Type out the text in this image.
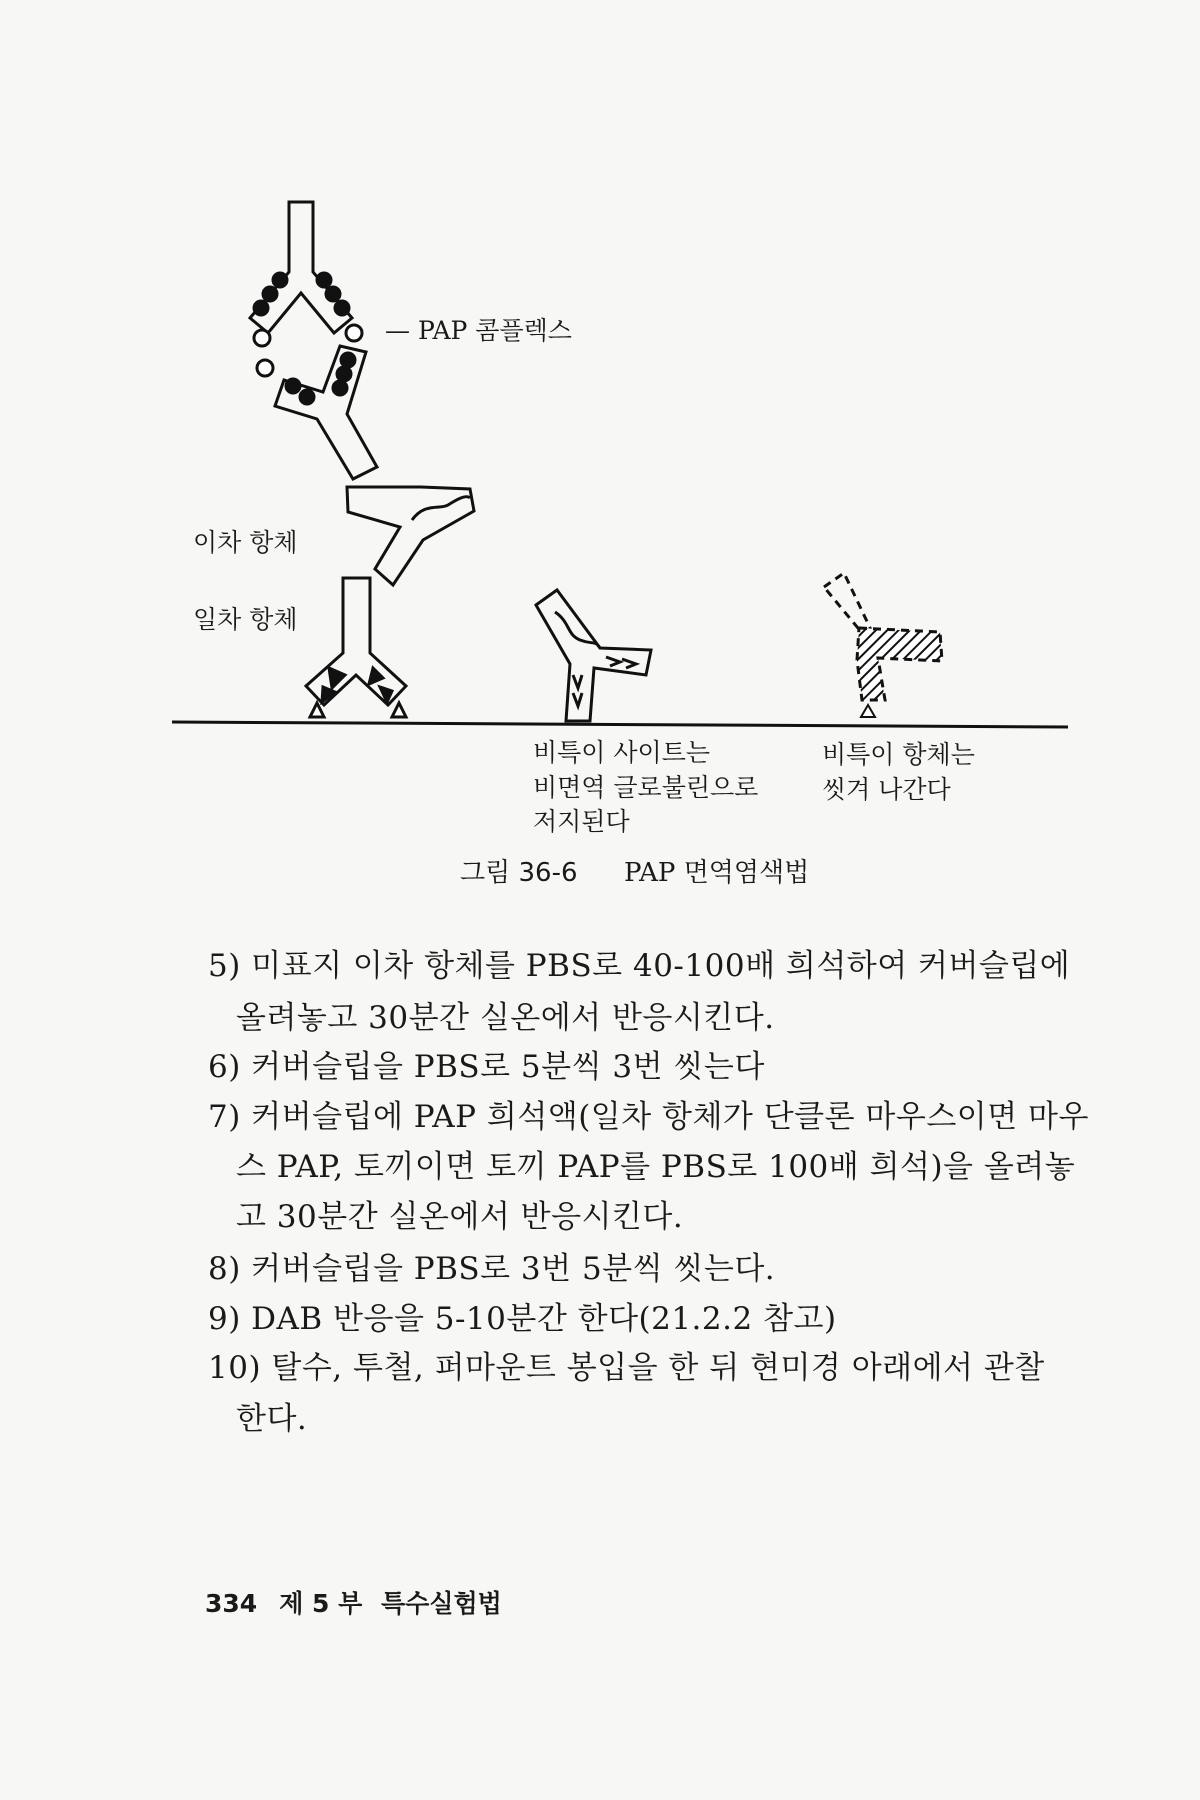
— PAP 콤플렉스
이차 항체
일차 항체
비특이 사이트는
비면역 글로불린으로
저지된다
비특이 항체는
씻겨 나간다
그림 36-6 PAP 면역염색법
5) 미표지 이차 항체를 PBS로 40-100배 희석하여 커버슬립에
올려놓고 30분간 실온에서 반응시킨다.
6) 커버슬립을 PBS로 5분씩 3번 씻는다
7) 커버슬립에 PAP 희석액(일차 항체가 단클론 마우스이면 마우
스 PAP, 토끼이면 토끼 PAP를 PBS로 100배 희석)을 올려놓
고 30분간 실온에서 반응시킨다.
8) 커버슬립을 PBS로 3번 5분씩 씻는다.
9) DAB 반응을 5-10분간 한다(21.2.2 참고)
10) 탈수, 투철, 퍼마운트 봉입을 한 뒤 현미경 아래에서 관찰
한다.
334 제 5 부 특수실험법
